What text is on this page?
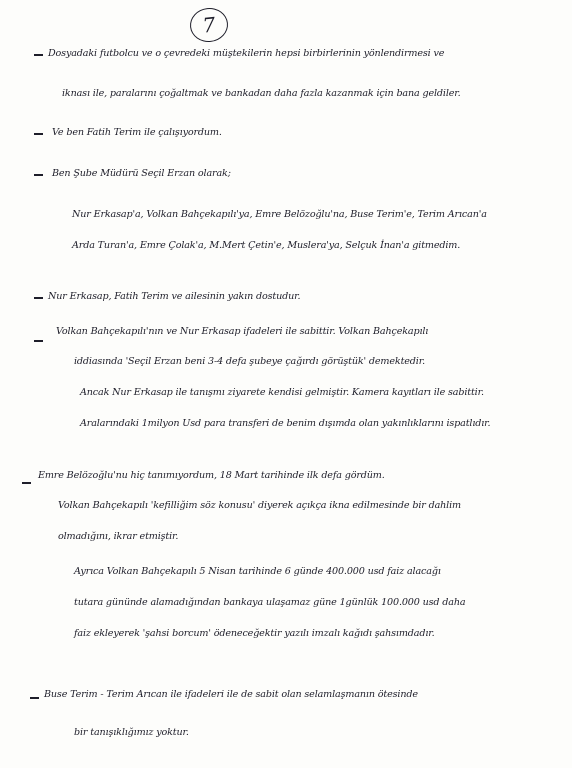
7
Dosyadaki futbolcu ve o çevredeki müştekilerin hepsi birbirlerinin yönlendirmesi ve
iknası ile, paralarını çoğaltmak ve bankadan daha fazla kazanmak için bana geldiler.
Ve ben Fatih Terim ile çalışıyordum.
Ben Şube Müdürü Seçil Erzan olarak;
Nur Erkasap'a, Volkan Bahçekapılı'ya, Emre Belözoğlu'na, Buse Terim'e, Terim Arıcan'a
Arda Turan'a, Emre Çolak'a, M.Mert Çetin'e, Muslera'ya, Selçuk İnan'a gitmedim.
Nur Erkasap, Fatih Terim ve ailesinin yakın dostudur.
Volkan Bahçekapılı'nın ve Nur Erkasap ifadeleri ile sabittir. Volkan Bahçekapılı
iddiasında 'Seçil Erzan beni 3-4 defa şubeye çağırdı görüştük' demektedir.
Ancak Nur Erkasap ile tanışmı ziyarete kendisi gelmiştir. Kamera kayıtları ile sabittir.
Aralarındaki 1milyon Usd para transferi de benim dışımda olan yakınlıklarını ispatlıdır.
Emre Belözoğlu'nu hiç tanımıyordum, 18 Mart tarihinde ilk defa gördüm.
Volkan Bahçekapılı 'kefilliğim söz konusu' diyerek açıkça ikna edilmesinde bir dahlim
olmadığını, ikrar etmiştir.
Ayrıca Volkan Bahçekapılı 5 Nisan tarihinde 6 günde 400.000 usd faiz alacağı
tutara gününde alamadığından bankaya ulaşamaz güne 1günlük 100.000 usd daha
faiz ekleyerek 'şahsi borcum' ödeneceğektir yazılı imzalı kağıdı şahsımdadır.
Buse Terim - Terim Arıcan ile ifadeleri ile de sabit olan selamlaşmanın ötesinde
bir tanışıklığımız yoktur.
